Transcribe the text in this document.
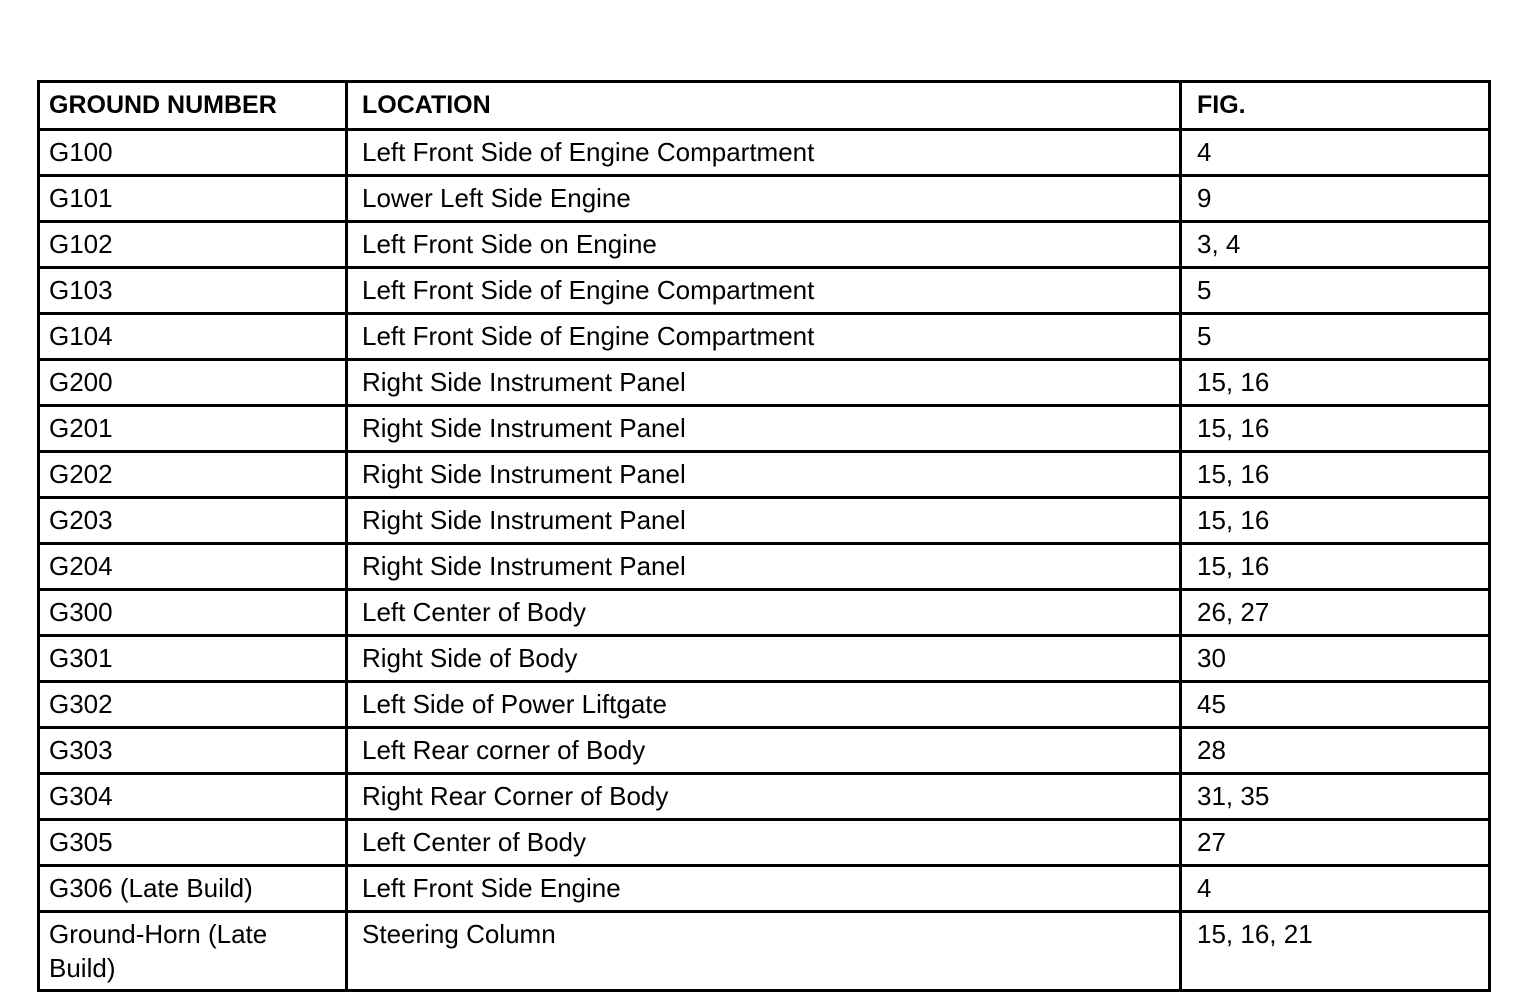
GROUND NUMBER	LOCATION	FIG.
G100	Left Front Side of Engine Compartment	4
G101	Lower Left Side Engine	9
G102	Left Front Side on Engine	3, 4
G103	Left Front Side of Engine Compartment	5
G104	Left Front Side of Engine Compartment	5
G200	Right Side Instrument Panel	15, 16
G201	Right Side Instrument Panel	15, 16
G202	Right Side Instrument Panel	15, 16
G203	Right Side Instrument Panel	15, 16
G204	Right Side Instrument Panel	15, 16
G300	Left Center of Body	26, 27
G301	Right Side of Body	30
G302	Left Side of Power Liftgate	45
G303	Left Rear corner of Body	28
G304	Right Rear Corner of Body	31, 35
G305	Left Center of Body	27
G306 (Late Build)	Left Front Side Engine	4
Ground-Horn (Late Build)	Steering Column	15, 16, 21
